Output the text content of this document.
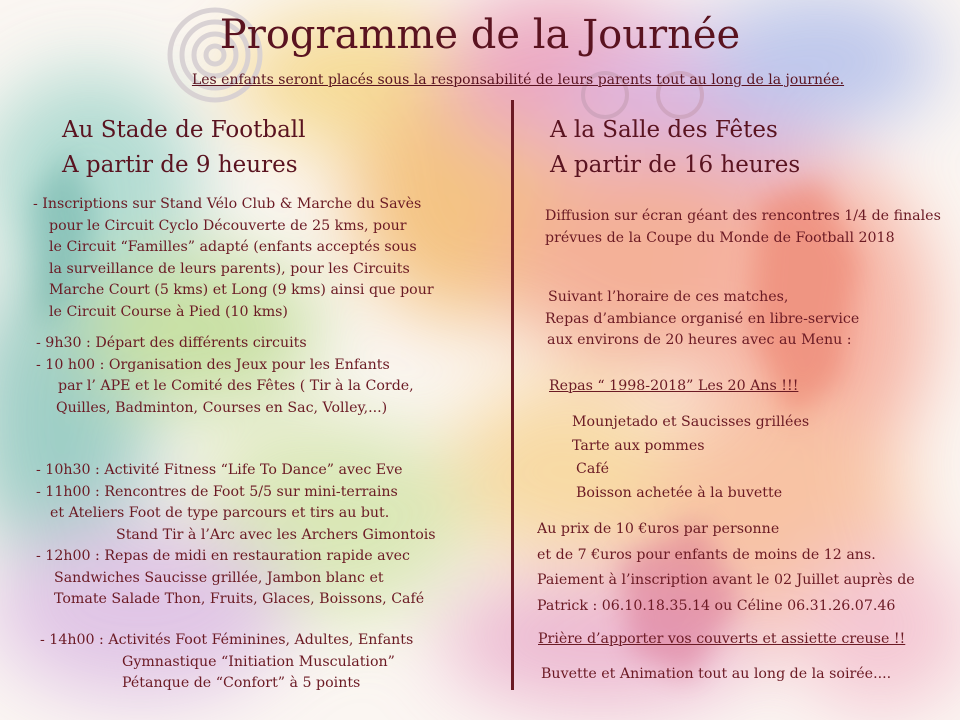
Programme de la Journée
Les enfants seront placés sous la responsabilité de leurs parents tout au long de la journée.
Au Stade de Football
A partir de 9 heures
- Inscriptions sur Stand Vélo Club & Marche du Savès
pour le Circuit Cyclo Découverte de 25 kms, pour
le Circuit “Familles” adapté (enfants acceptés sous
la surveillance de leurs parents), pour les Circuits
Marche Court (5 kms) et Long (9 kms) ainsi que pour
le Circuit Course à Pied (10 kms)
- 9h30 : Départ des différents circuits
- 10 h00 : Organisation des Jeux pour les Enfants
par l’ APE et le Comité des Fêtes ( Tir à la Corde,
Quilles, Badminton, Courses en Sac, Volley,...)
- 10h30 : Activité Fitness “Life To Dance” avec Eve
- 11h00 : Rencontres de Foot 5/5 sur mini-terrains
et Ateliers Foot de type parcours et tirs au but.
Stand Tir à l’Arc avec les Archers Gimontois
- 12h00 : Repas de midi en restauration rapide avec
Sandwiches Saucisse grillée, Jambon blanc et
Tomate Salade Thon, Fruits, Glaces, Boissons, Café
- 14h00 : Activités Foot Féminines, Adultes, Enfants
Gymnastique “Initiation Musculation”
Pétanque de “Confort” à 5 points
A la Salle des Fêtes
A partir de 16 heures
Diffusion sur écran géant des rencontres 1/4 de finales
prévues de la Coupe du Monde de Football 2018
Suivant l’horaire de ces matches,
Repas d’ambiance organisé en libre-service
aux environs de 20 heures avec au Menu :
Repas “ 1998-2018” Les 20 Ans !!!
Mounjetado et Saucisses grillées
Tarte aux pommes
Café
Boisson achetée à la buvette
Au prix de 10 €uros par personne
et de 7 €uros pour enfants de moins de 12 ans.
Paiement à l’inscription avant le 02 Juillet auprès de
Patrick : 06.10.18.35.14 ou Céline 06.31.26.07.46
Prière d’apporter vos couverts et assiette creuse !!
Buvette et Animation tout au long de la soirée....
